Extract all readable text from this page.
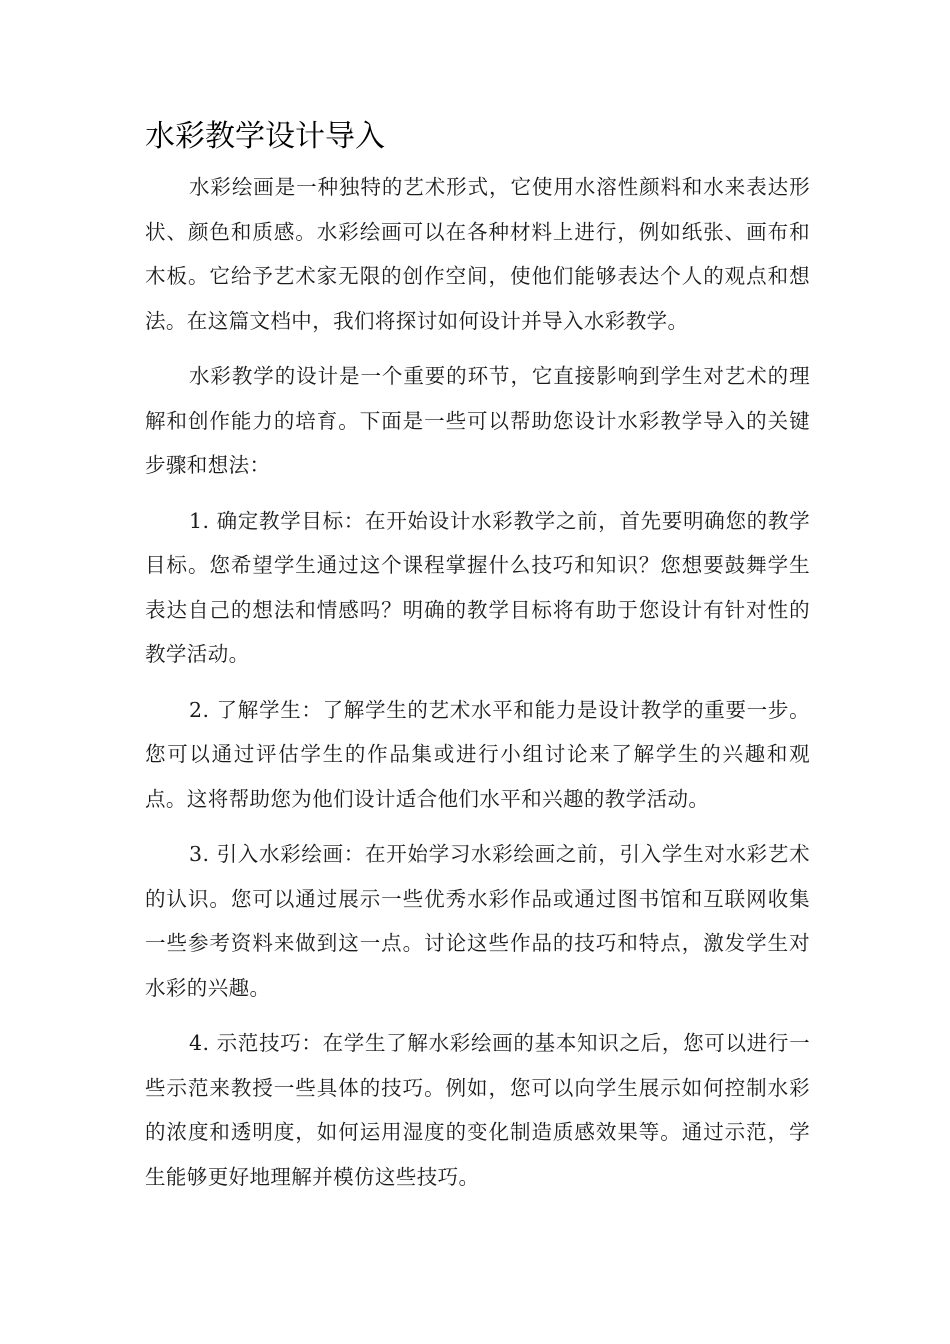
水彩教学设计导入

水彩绘画是一种独特的艺术形式，它使用水溶性颜料和水来表达形状、颜色和质感。水彩绘画可以在各种材料上进行，例如纸张、画布和木板。它给予艺术家无限的创作空间，使他们能够表达个人的观点和想法。在这篇文档中，我们将探讨如何设计并导入水彩教学。

水彩教学的设计是一个重要的环节，它直接影响到学生对艺术的理解和创作能力的培育。下面是一些可以帮助您设计水彩教学导入的关键步骤和想法：

1. 确定教学目标：在开始设计水彩教学之前，首先要明确您的教学目标。您希望学生通过这个课程掌握什么技巧和知识？您想要鼓舞学生表达自己的想法和情感吗？明确的教学目标将有助于您设计有针对性的教学活动。

2. 了解学生：了解学生的艺术水平和能力是设计教学的重要一步。您可以通过评估学生的作品集或进行小组讨论来了解学生的兴趣和观点。这将帮助您为他们设计适合他们水平和兴趣的教学活动。

3. 引入水彩绘画：在开始学习水彩绘画之前，引入学生对水彩艺术的认识。您可以通过展示一些优秀水彩作品或通过图书馆和互联网收集一些参考资料来做到这一点。讨论这些作品的技巧和特点，激发学生对水彩的兴趣。

4. 示范技巧：在学生了解水彩绘画的基本知识之后，您可以进行一些示范来教授一些具体的技巧。例如，您可以向学生展示如何控制水彩的浓度和透明度，如何运用湿度的变化制造质感效果等。通过示范，学生能够更好地理解并模仿这些技巧。
